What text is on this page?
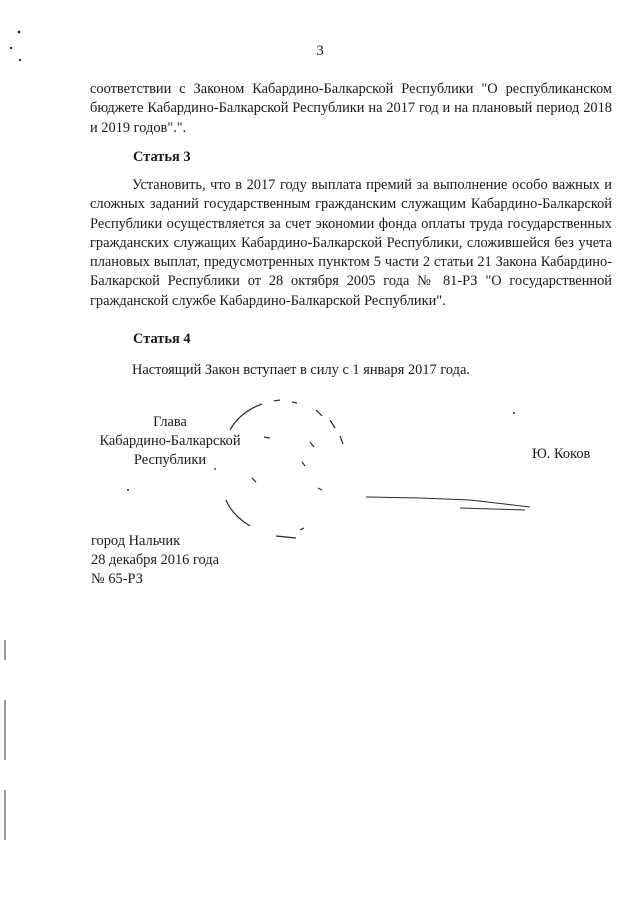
3
соответствии с Законом Кабардино-Балкарской Республики "О республиканском бюджете Кабардино-Балкарской Республики на 2017 год и на плановый период 2018 и 2019 годов".".
Статья 3
Установить, что в 2017 году выплата премий за выполнение особо важных и сложных заданий государственным гражданским служащим Кабардино-Балкарской Республики осуществляется за счет экономии фонда оплаты труда государственных гражданских служащих Кабардино-Балкарской Республики, сложившейся без учета плановых выплат, предусмотренных пунктом 5 части 2 статьи 21 Закона Кабардино-Балкарской Республики от 28 октября 2005 года № 81-РЗ "О государственной гражданской службе Кабардино-Балкарской Республики".
Статья 4
Настоящий Закон вступает в силу с 1 января 2017 года.
Глава
Кабардино-Балкарской
Республики	Ю. Коков
город Нальчик
28 декабря 2016 года
№ 65-РЗ
